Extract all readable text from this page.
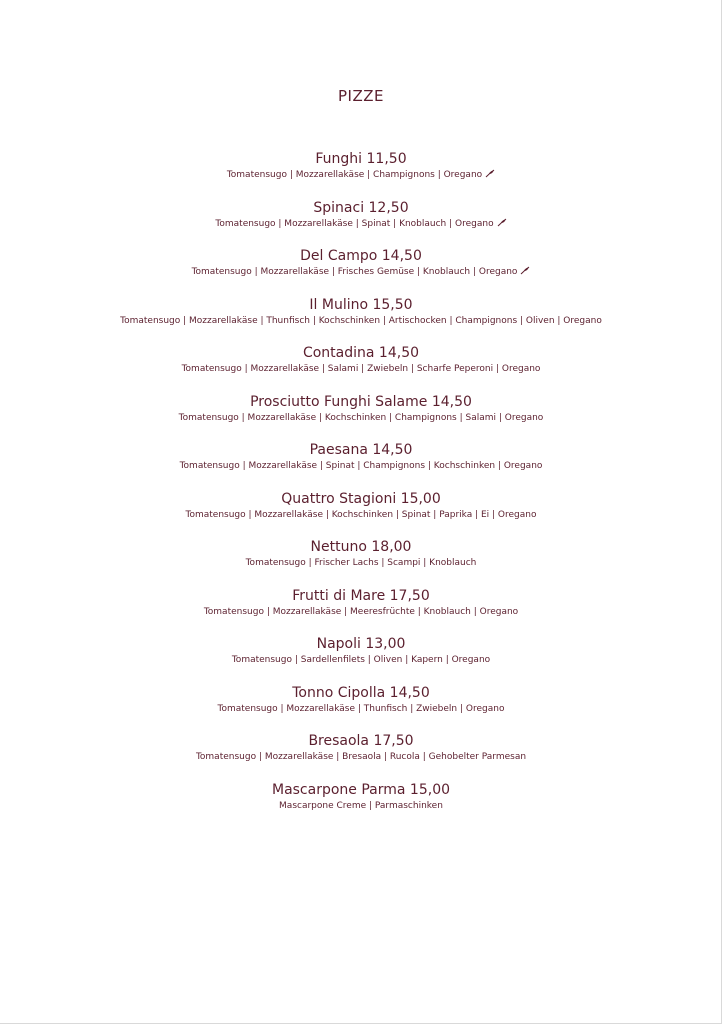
PIZZE
Funghi 11,50
Tomatensugo | Mozzarellakäse | Champignons | Oregano
Spinaci 12,50
Tomatensugo | Mozzarellakäse | Spinat | Knoblauch | Oregano
Del Campo 14,50
Tomatensugo | Mozzarellakäse | Frisches Gemüse | Knoblauch | Oregano
Il Mulino 15,50
Tomatensugo | Mozzarellakäse | Thunfisch | Kochschinken | Artischocken | Champignons | Oliven | Oregano
Contadina 14,50
Tomatensugo | Mozzarellakäse | Salami | Zwiebeln | Scharfe Peperoni | Oregano
Prosciutto Funghi Salame 14,50
Tomatensugo | Mozzarellakäse | Kochschinken | Champignons | Salami | Oregano
Paesana 14,50
Tomatensugo | Mozzarellakäse | Spinat | Champignons | Kochschinken | Oregano
Quattro Stagioni 15,00
Tomatensugo | Mozzarellakäse | Kochschinken | Spinat | Paprika | Ei | Oregano
Nettuno 18,00
Tomatensugo | Frischer Lachs | Scampi | Knoblauch
Frutti di Mare 17,50
Tomatensugo | Mozzarellakäse | Meeresfrüchte | Knoblauch | Oregano
Napoli 13,00
Tomatensugo | Sardellenfilets | Oliven | Kapern | Oregano
Tonno Cipolla 14,50
Tomatensugo | Mozzarellakäse | Thunfisch | Zwiebeln | Oregano
Bresaola 17,50
Tomatensugo | Mozzarellakäse | Bresaola | Rucola | Gehobelter Parmesan
Mascarpone Parma 15,00
Mascarpone Creme | Parmaschinken
